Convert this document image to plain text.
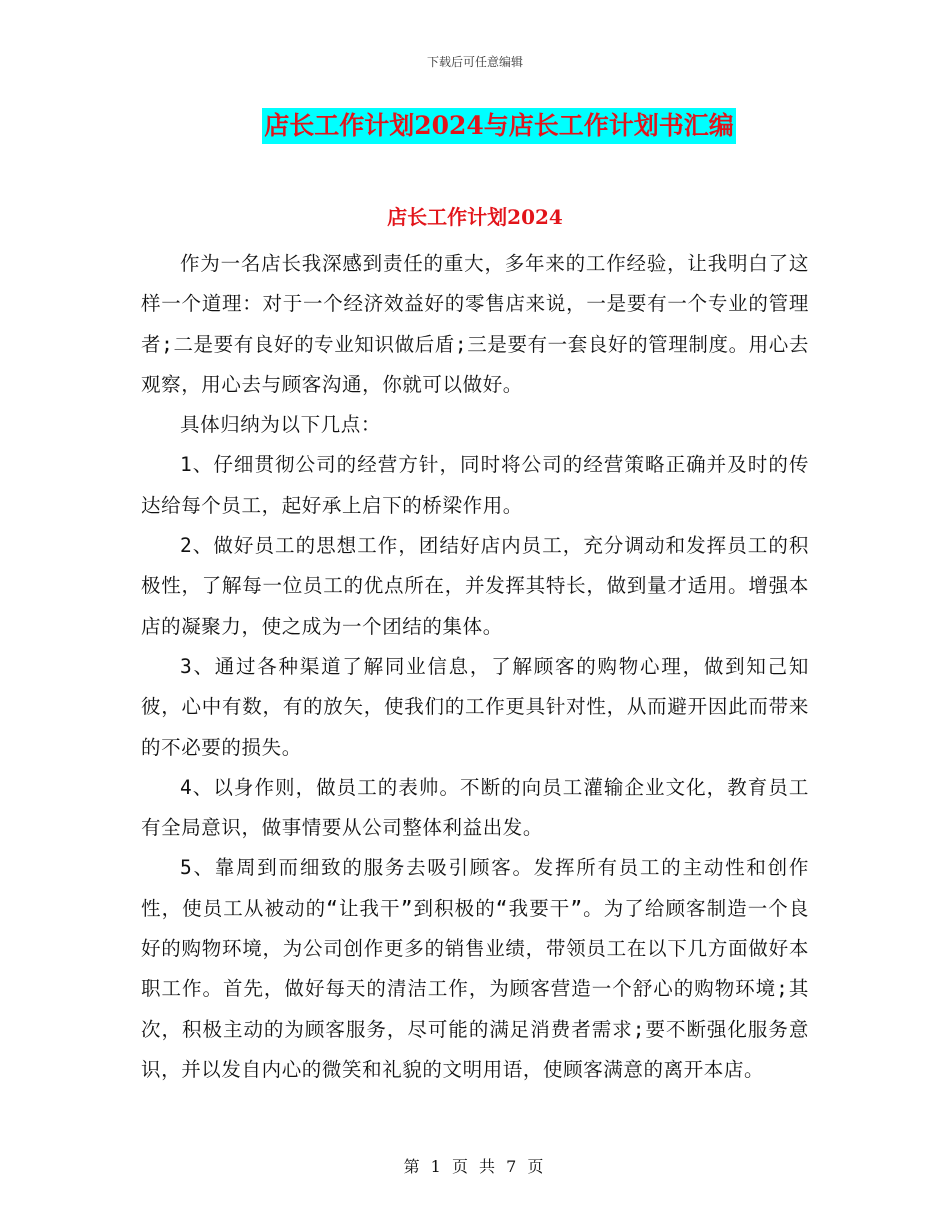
下载后可任意编辑
店长工作计划2024与店长工作计划书汇编
店长工作计划2024

作为一名店长我深感到责任的重大，多年来的工作经验，让我明白了这样一个道理：对于一个经济效益好的零售店来说，一是要有一个专业的管理者;二是要有良好的专业知识做后盾;三是要有一套良好的管理制度。用心去观察，用心去与顾客沟通，你就可以做好。

具体归纳为以下几点：

1、仔细贯彻公司的经营方针，同时将公司的经营策略正确并及时的传达给每个员工，起好承上启下的桥梁作用。

2、做好员工的思想工作，团结好店内员工，充分调动和发挥员工的积极性，了解每一位员工的优点所在，并发挥其特长，做到量才适用。增强本店的凝聚力，使之成为一个团结的集体。

3、通过各种渠道了解同业信息，了解顾客的购物心理，做到知己知彼，心中有数，有的放矢，使我们的工作更具针对性，从而避开因此而带来的不必要的损失。

4、以身作则，做员工的表帅。不断的向员工灌输企业文化，教育员工有全局意识，做事情要从公司整体利益出发。

5、靠周到而细致的服务去吸引顾客。发挥所有员工的主动性和创作性，使员工从被动的“让我干”到积极的“我要干”。为了给顾客制造一个良好的购物环境，为公司创作更多的销售业绩，带领员工在以下几方面做好本职工作。首先，做好每天的清洁工作，为顾客营造一个舒心的购物环境;其次，积极主动的为顾客服务，尽可能的满足消费者需求;要不断强化服务意识，并以发自内心的微笑和礼貌的文明用语，使顾客满意的离开本店。

第 1 页 共 7 页
